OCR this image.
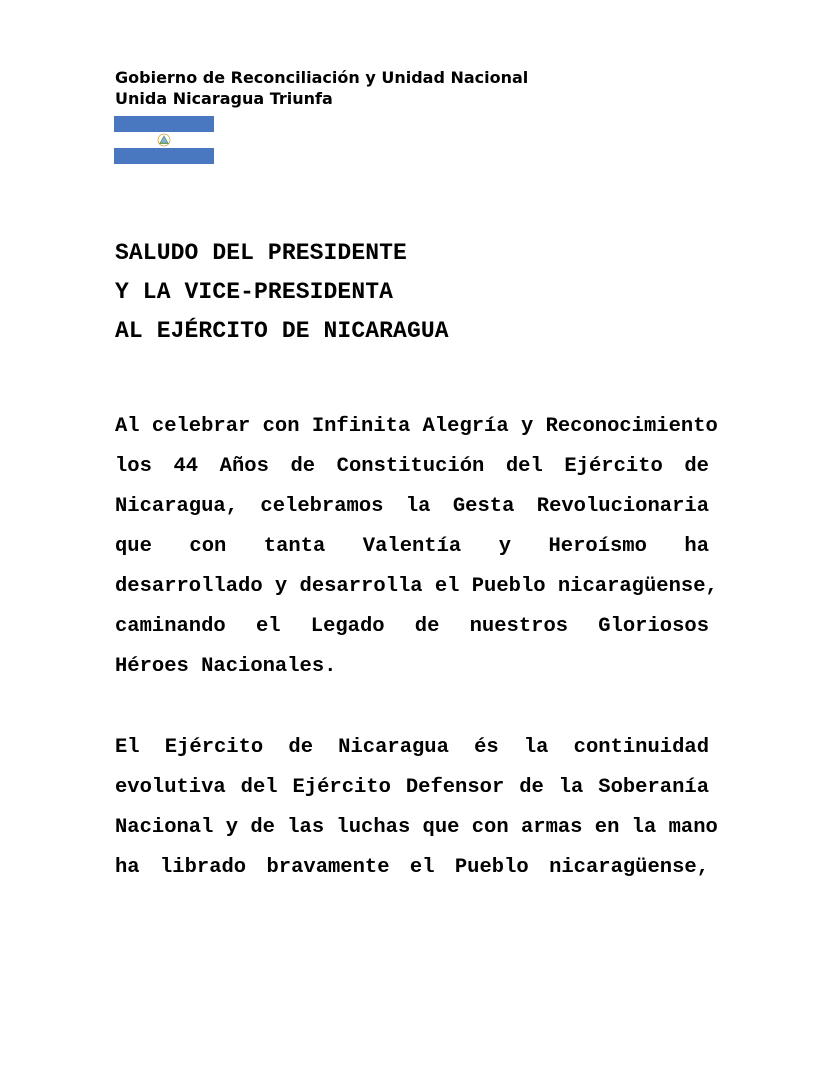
Gobierno de Reconciliación y Unidad Nacional
Unida Nicaragua Triunfa
SALUDO DEL PRESIDENTE
Y LA VICE-PRESIDENTA
AL EJÉRCITO DE NICARAGUA
Al celebrar con Infinita Alegría y Reconocimiento
los 44 Años de Constitución del Ejército de
Nicaragua, celebramos la Gesta Revolucionaria
que con tanta Valentía y Heroísmo ha
desarrollado y desarrolla el Pueblo nicaragüense,
caminando el Legado de nuestros Gloriosos
Héroes Nacionales.
El Ejército de Nicaragua és la continuidad
evolutiva del Ejército Defensor de la Soberanía
Nacional y de las luchas que con armas en la mano
ha librado bravamente el Pueblo nicaragüense,
